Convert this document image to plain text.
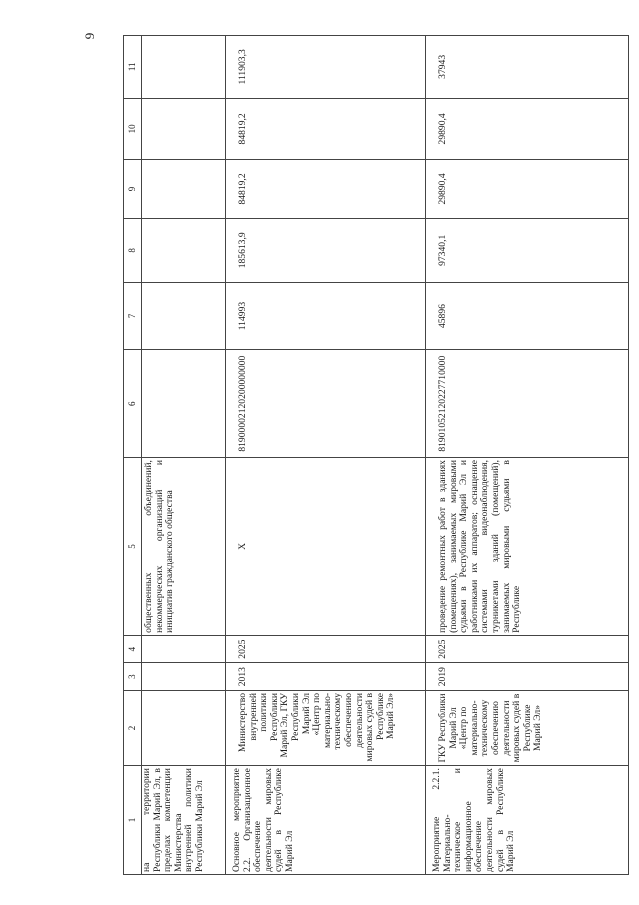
9
1	2	3	4	5	6	7	8	9	10	11
на территории Республики Марий Эл, в пределах компетенции Министерства внутренней политики Республики Марий Эл				общественных объединений, некоммерческих организаций и инициатив гражданского общества						
Основное мероприятие 2.2. Организационное обеспечение деятельности мировых судей в Республике Марий Эл	Министерство внутренней политики Республики Марий Эл, ГКУ Республики Марий Эл «Центр по материально-техническому обеспечению деятельности мировых судей в Республике Марий Эл»	2013	2025	Х	81900002120200000000	114993	185613,9	84819,2	84819,2	111903,3
Мероприятие 2.2.1. Материально-техническое и информационное обеспечение деятельности мировых судей в Республике Марий Эл	ГКУ Республики Марий Эл «Центр по материально-техническому обеспечению деятельности мировых судей в Республике Марий Эл»	2019	2025	проведение ремонтных работ в зданиях (помещениях), занимаемых мировыми судьями в Республике Марий Эл и работниками их аппаратов; оснащение системами видеонаблюдения, турникетами зданий (помещений), занимаемых мировыми судьями в Республике	81901052120227710000	45896	97340,1	29890,4	29890,4	37943
